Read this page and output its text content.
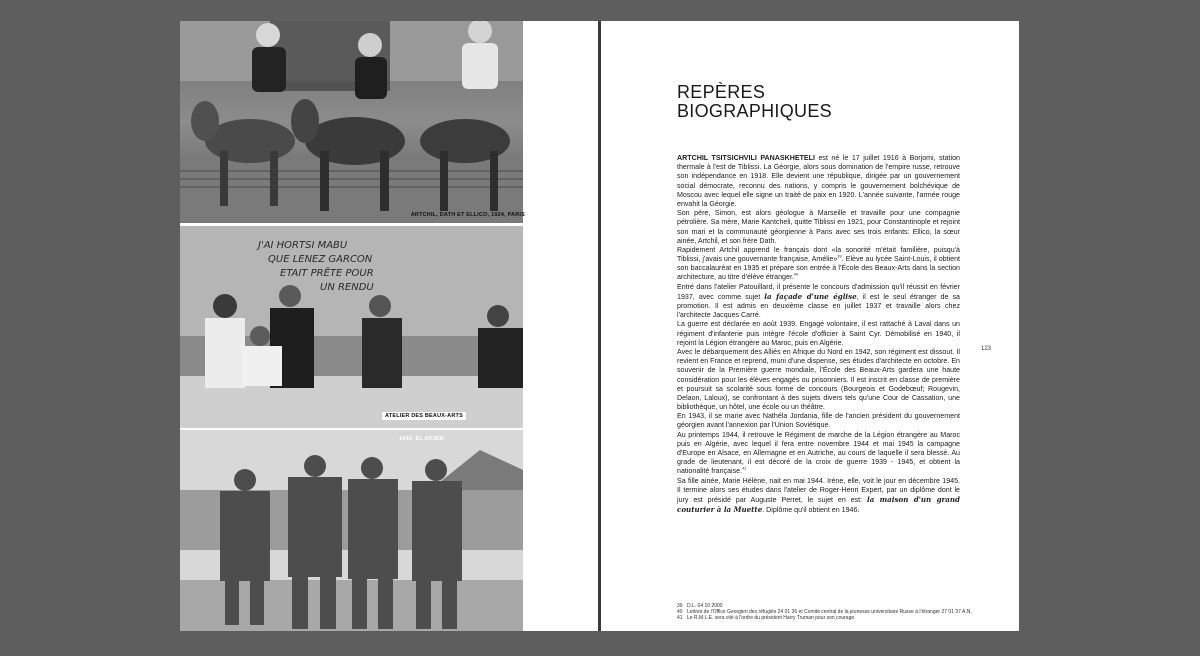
ARTCHIL, DATH ET ELLICO, 1924, PARIS
J'AI HORTSI MABU
QUE LENEZ GARCON
ETAIT PRÊTE POUR
UN RENDU
ATELIER DES BEAUX-ARTS
1945, EL ADJEB
REPÈRES
BIOGRAPHIQUES

ARTCHIL TSITSICHVILI PANASKHETELI est né le 17 juillet 1916 à Borjomi, station thermale à l'est de Tiblissi. La Géorgie, alors sous domination de l'empire russe, retrouve son indépendance en 1918. Elle devient une république, dirigée par un gouvernement social démocrate, reconnu des nations, y compris le gouvernement bolchévique de Moscou avec lequel elle signe un traité de paix en 1920. L'année suivante, l'armée rouge envahit la Géorgie.

Son père, Simon, est alors géologue à Marseille et travaille pour une compagnie pétrolière. Sa mère, Marie Kantcheli, quitte Tiblissi en 1921, pour Constantinople et rejoint son mari et la communauté géorgienne à Paris avec ses trois enfants: Ellico, la sœur ainée, Artchil, et son frère Dath.

Rapidement Artchil apprend le français dont «la sonorité m'était familière, puisqu'à Tiblissi, j'avais une gouvernante française, Amélie»$^{39}$. Elève au lycée Saint-Louis, il obtient son baccalauréat en 1935 et prépare son entrée à l'École des Beaux-Arts dans la section architecture, au titre d'élève étranger.$^{40}$

Entré dans l'atelier Patouillard, il présente le concours d'admission qu'il réussit en février 1937, avec comme sujet la façade d'une église, il est le seul étranger de sa promotion. Il est admis en deuxième classe en juillet 1937 et travaille alors chez l'architecte Jacques Carré.

La guerre est déclarée en août 1939. Engagé volontaire, il est rattaché à Laval dans un régiment d'infanterie puis intègre l'école d'officier à Saint Cyr. Démobilisé en 1940, il rejoint la Légion étrangère au Maroc, puis en Algérie.

Avec le débarquement des Alliés en Afrique du Nord en 1942, son régiment est dissout. Il revient en France et reprend, muni d'une dispense, ses études d'architecte en octobre. En souvenir de la Première guerre mondiale, l'École des Beaux-Arts gardera une haute considération pour les élèves engagés ou prisonniers. Il est inscrit en classe de première et poursuit sa scolarité sous forme de concours (Bourgeois et Godebœuf; Rougevin, Delaon, Laloux), se confrontant à des sujets divers tels qu'une Cour de Cassation, une bibliothèque, un hôtel, une école ou un théâtre.

En 1943, il se marie avec Nathéla Jordania, fille de l'ancien président du gouvernement géorgien avant l'annexion par l'Union Soviétique.

Au printemps 1944, il retrouve le Régiment de marche de la Légion étrangère au Maroc puis en Algérie, avec lequel il fera entre novembre 1944 et mai 1945 la campagne d'Europe en Alsace, en Allemagne et en Autriche, au cours de laquelle il sera blessé. Au grade de lieutenant, il est décoré de la croix de guerre 1939 - 1945, et obtient la nationalité française.$^{41}$

Sa fille ainée, Marie Hélène, nait en mai 1944. Irène, elle, voit le jour en décembre 1945. Il termine alors ses études dans l'atelier de Roger-Henri Expert, par un diplôme dont le jury est présidé par Auguste Perret, le sujet en est: la maison d'un grand couturier à la Muette. Diplôme qu'il obtient en 1946.

123
39 D.L. 04 10 2000
40 Lettres de l'Office Georgien des réfugiés 24 01 36 et Comité central de la jeunesse universitaire Russe à l'étranger 27 01 37 A.N.
41 Le R.M.L.E. sera cité à l'ordre du président Harry Truman pour son courage.
